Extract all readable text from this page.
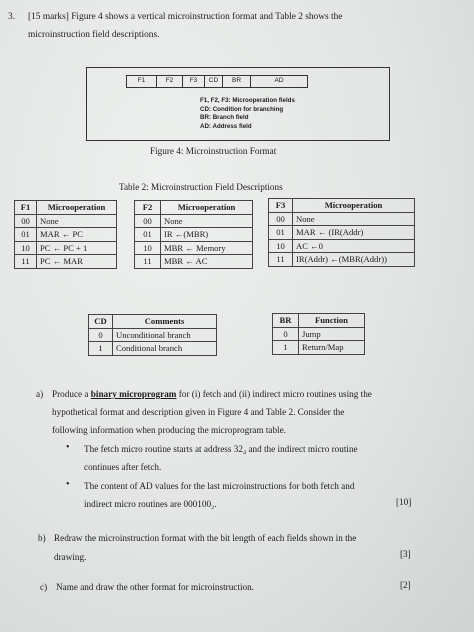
3. [15 marks] Figure 4 shows a vertical microinstruction format and Table 2 shows the
microinstruction field descriptions.
F1	F2	F3	CD	BR	AD
F1, F2, F3: Microoperation fields
CD: Condition for branching
BR: Branch field
AD: Address field
Figure 4: Microinstruction Format
Table 2: Microinstruction Field Descriptions
F1	Microoperation
00	None
01	MAR ← PC
10	PC ← PC + 1
11	PC ← MAR
F2	Microoperation
00	None
01	IR ←(MBR)
10	MBR ← Memory
11	MBR ← AC
F3	Microoperation
00	None
01	MAR ← (IR(Addr)
10	AC ←0
11	IR(Addr) ←(MBR(Addr))
CD	Comments
0	Unconditional branch
1	Conditional branch
BR	Function
0	Jump
1	Return/Map
a) Produce a binary microprogram for (i) fetch and (ii) indirect micro routines using the
hypothetical format and description given in Figure 4 and Table 2. Consider the
following information when producing the microprogram table.
• The fetch micro routine starts at address 32₄ and the indirect micro routine
continues after fetch.
• The content of AD values for the last microinstructions for both fetch and
indirect micro routines are 000100₂.	[10]
b) Redraw the microinstruction format with the bit length of each fields shown in the
drawing.	[3]
c) Name and draw the other format for microinstruction.	[2]
